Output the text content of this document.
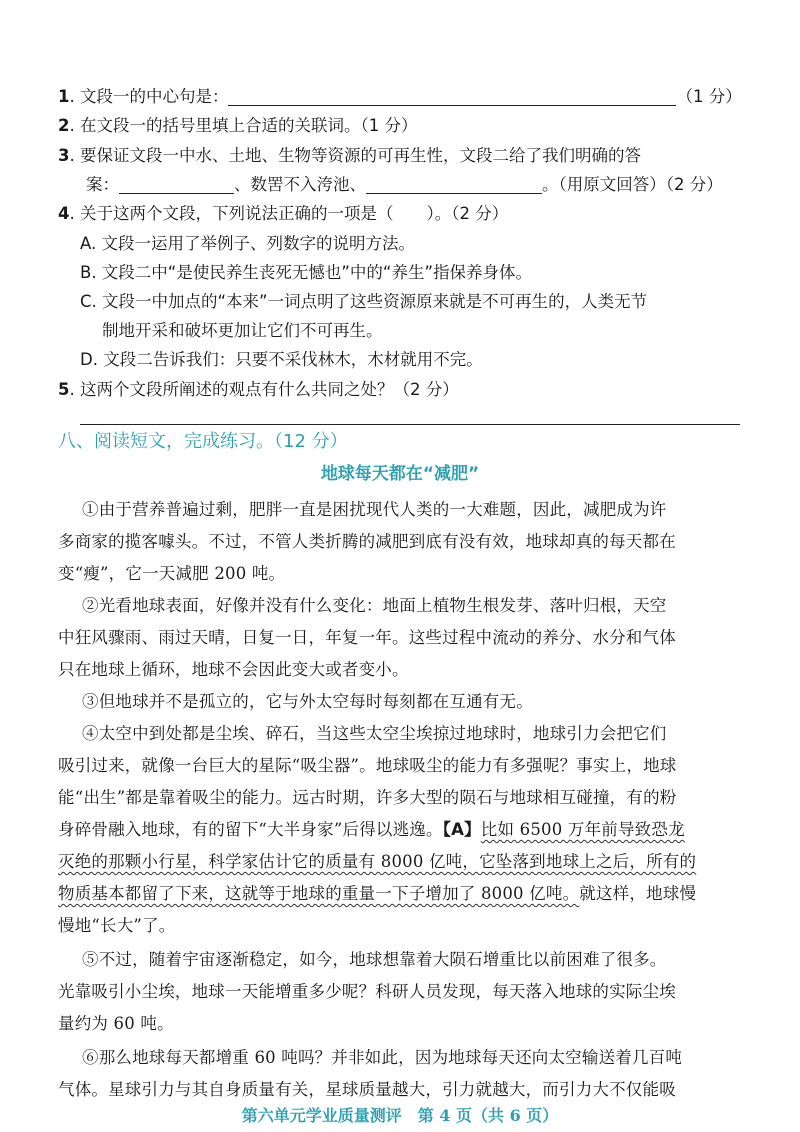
1. 文段一的中心句是：	（1 分）
2. 在文段一的括号里填上合适的关联词。（1 分）
3. 要保证文段一中水、土地、生物等资源的可再生性，文段二给了我们明确的答
案：	、数罟不入洿池、	。（用原文回答）（2 分）
4. 关于这两个文段，下列说法正确的一项是（　　）。（2 分）
A. 文段一运用了举例子、列数字的说明方法。
B. 文段二中“是使民养生丧死无憾也”中的“养生”指保养身体。
C. 文段一中加点的“本来”一词点明了这些资源原来就是不可再生的，人类无节
制地开采和破坏更加让它们不可再生。
D. 文段二告诉我们：只要不采伐林木，木材就用不完。
5. 这两个文段所阐述的观点有什么共同之处？（2 分）
八、阅读短文，完成练习。（12 分）
地球每天都在“减肥”
①由于营养普遍过剩，肥胖一直是困扰现代人类的一大难题，因此，减肥成为许
多商家的揽客噱头。不过，不管人类折腾的减肥到底有没有效，地球却真的每天都在
变“瘦”，它一天减肥 200 吨。
②光看地球表面，好像并没有什么变化：地面上植物生根发芽、落叶归根，天空
中狂风骤雨、雨过天晴，日复一日，年复一年。这些过程中流动的养分、水分和气体
只在地球上循环，地球不会因此变大或者变小。
③但地球并不是孤立的，它与外太空每时每刻都在互通有无。
④太空中到处都是尘埃、碎石，当这些太空尘埃掠过地球时，地球引力会把它们
吸引过来，就像一台巨大的星际“吸尘器”。地球吸尘的能力有多强呢？事实上，地球
能“出生”都是靠着吸尘的能力。远古时期，许多大型的陨石与地球相互碰撞，有的粉
身碎骨融入地球，有的留下“大半身家”后得以逃逸。【A】比如 6500 万年前导致恐龙
灭绝的那颗小行星，科学家估计它的质量有 8000 亿吨，它坠落到地球上之后，所有的
物质基本都留了下来，这就等于地球的重量一下子增加了 8000 亿吨。就这样，地球慢
慢地“长大”了。
⑤不过，随着宇宙逐渐稳定，如今，地球想靠着大陨石增重比以前困难了很多。
光靠吸引小尘埃，地球一天能增重多少呢？科研人员发现，每天落入地球的实际尘埃
量约为 60 吨。
⑥那么地球每天都增重 60 吨吗？并非如此，因为地球每天还向太空输送着几百吨
气体。星球引力与其自身质量有关，星球质量越大，引力就越大，而引力大不仅能吸
第六单元学业质量测评　第 4 页（共 6 页）
